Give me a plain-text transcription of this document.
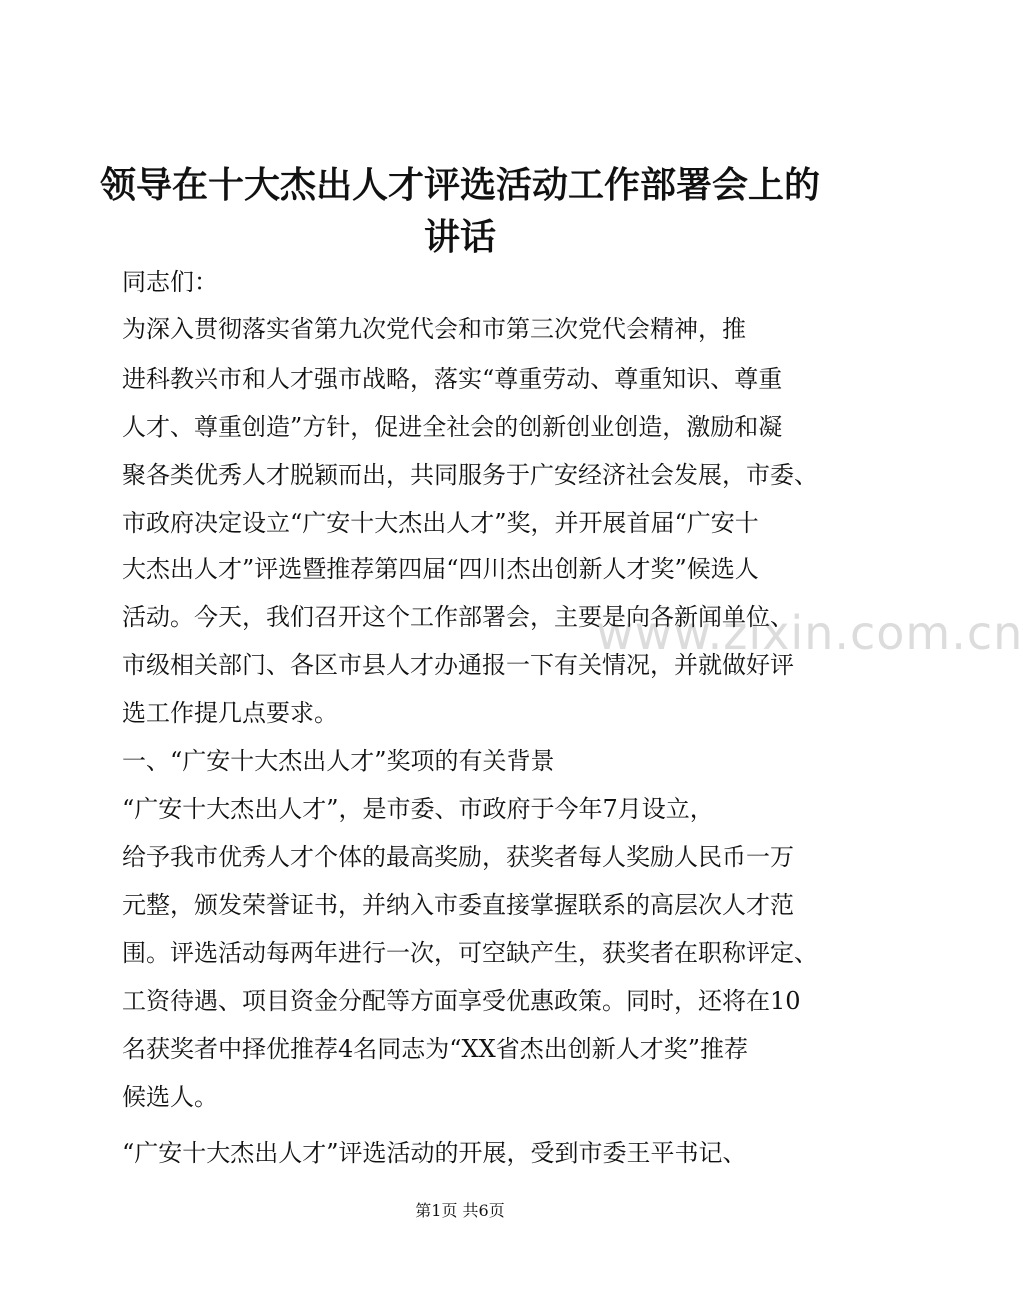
领导在十大杰出人才评选活动工作部署会上的
讲话
www.zixin.com.cn
同志们：
为深入贯彻落实省第九次党代会和市第三次党代会精神，推
进科教兴市和人才强市战略，落实“尊重劳动、尊重知识、尊重
人才、尊重创造”方针，促进全社会的创新创业创造，激励和凝
聚各类优秀人才脱颖而出，共同服务于广安经济社会发展，市委、
市政府决定设立“广安十大杰出人才”奖，并开展首届“广安十
大杰出人才”评选暨推荐第四届“四川杰出创新人才奖”候选人
活动。今天，我们召开这个工作部署会，主要是向各新闻单位、
市级相关部门、各区市县人才办通报一下有关情况，并就做好评
选工作提几点要求。
一、“广安十大杰出人才”奖项的有关背景
“广安十大杰出人才”，是市委、市政府于今年7月设立，
给予我市优秀人才个体的最高奖励，获奖者每人奖励人民币一万
元整，颁发荣誉证书，并纳入市委直接掌握联系的高层次人才范
围。评选活动每两年进行一次，可空缺产生，获奖者在职称评定、
工资待遇、项目资金分配等方面享受优惠政策。同时，还将在10
名获奖者中择优推荐4名同志为“XX省杰出创新人才奖”推荐
候选人。
“广安十大杰出人才”评选活动的开展，受到市委王平书记、
第1页 共6页
